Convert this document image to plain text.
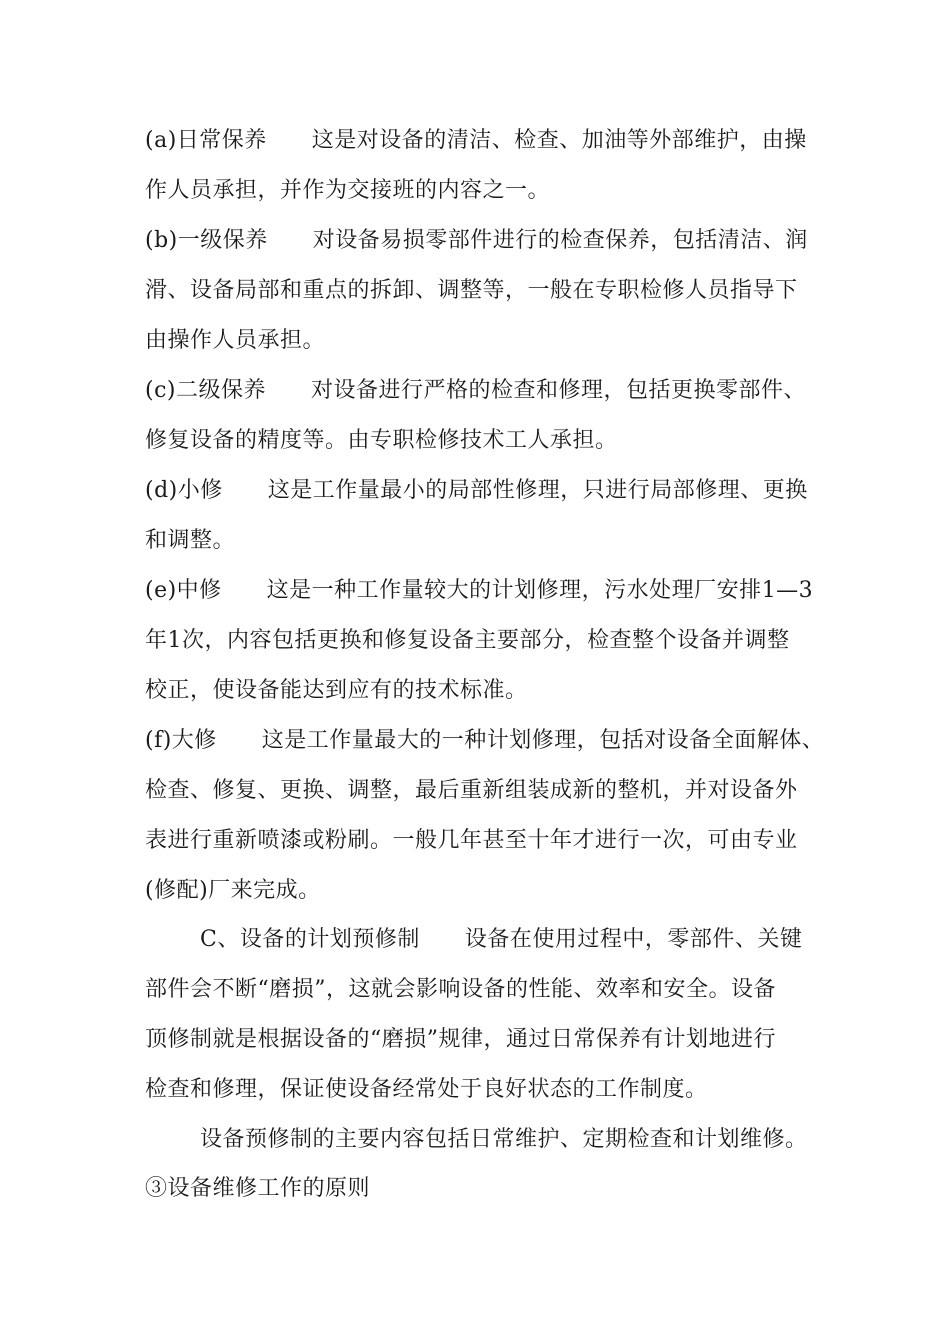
(a)日常保养　　这是对设备的清洁、检查、加油等外部维护，由操
作人员承担，并作为交接班的内容之一。
(b)一级保养　　对设备易损零部件进行的检查保养，包括清洁、润
滑、设备局部和重点的拆卸、调整等，一般在专职检修人员指导下
由操作人员承担。
(c)二级保养　　对设备进行严格的检查和修理，包括更换零部件、
修复设备的精度等。由专职检修技术工人承担。
(d)小修　　这是工作量最小的局部性修理，只进行局部修理、更换
和调整。
(e)中修　　这是一种工作量较大的计划修理，污水处理厂安排1—3
年1次，内容包括更换和修复设备主要部分，检查整个设备并调整
校正，使设备能达到应有的技术标准。
(f)大修　　这是工作量最大的一种计划修理，包括对设备全面解体、
检查、修复、更换、调整，最后重新组装成新的整机，并对设备外
表进行重新喷漆或粉刷。一般几年甚至十年才进行一次，可由专业
(修配)厂来完成。
C、设备的计划预修制　　设备在使用过程中，零部件、关键
部件会不断“磨损”，这就会影响设备的性能、效率和安全。设备
顶修制就是根据设备的“磨损”规律，通过日常保养有计划地进行
检查和修理，保证使设备经常处于良好状态的工作制度。
设备预修制的主要内容包括日常维护、定期检查和计划维修。
③设备维修工作的原则
